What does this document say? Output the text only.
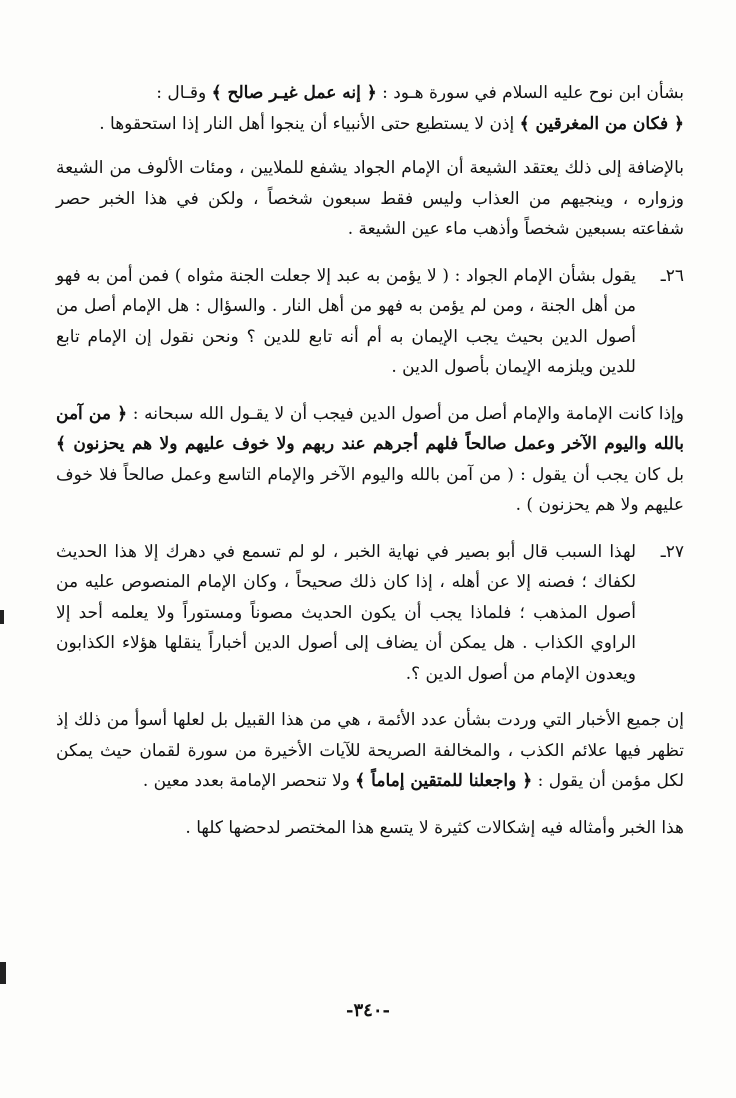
بشأن ابن نوح عليه السلام في سورة هـود : ﴿ إنه عمل غيـر صالح ﴾ وقـال :
﴿ فكان من المغرقين ﴾ إذن لا يستطيع حتى الأنبياء أن ينجوا أهل النار إذا استحقوها .

بالإضافة إلى ذلك يعتقد الشيعة أن الإمام الجواد يشفع للملايين ، ومئات الألوف من الشيعة وزواره ، وينجيهم من العذاب وليس فقط سبعون شخصاً ، ولكن في هذا الخبر حصر شفاعته بسبعين شخصاً وأذهب ماء عين الشيعة .

٢٦ـ
يقول بشأن الإمام الجواد : ( لا يؤمن به عبد إلا جعلت الجنة مثواه ) فمن أمن به فهو من أهل الجنة ، ومن لم يؤمن به فهو من أهل النار . والسؤال : هل الإمام أصل من أصول الدين بحيث يجب الإيمان به أم أنه تابع للدين ؟ ونحن نقول إن الإمام تابع للدين ويلزمه الإيمان بأصول الدين .

وإذا كانت الإمامة والإمام أصل من أصول الدين فيجب أن لا يقـول الله سبحانه : ﴿ من آمن بالله واليوم الآخر وعمل صالحاً فلهم أجرهم عند ربهم ولا خوف عليهم ولا هم يحزنون ﴾ بل كان يجب أن يقول : ( من آمن بالله واليوم الآخر والإمام التاسع وعمل صالحاً فلا خوف عليهم ولا هم يحزنون ) .

٢٧ـ
لهذا السبب قال أبو بصير في نهاية الخبر ، لو لم تسمع في دهرك إلا هذا الحديث لكفاك ؛ فصنه إلا عن أهله ، إذا كان ذلك صحيحاً ، وكان الإمام المنصوص عليه من أصول المذهب ؛ فلماذا يجب أن يكون الحديث مصوناً ومستوراً ولا يعلمه أحد إلا الراوي الكذاب . هل يمكن أن يضاف إلى أصول الدين أخباراً ينقلها هؤلاء الكذابون ويعدون الإمام من أصول الدين ؟.

إن جميع الأخبار التي وردت بشأن عدد الأئمة ، هي من هذا القبيل بل لعلها أسوأ من ذلك إذ تظهر فيها علائم الكذب ، والمخالفة الصريحة للآيات الأخيرة من سورة لقمان حيث يمكن لكل مؤمن أن يقول : ﴿ واجعلنا للمتقين إماماً ﴾ ولا تنحصر الإمامة بعدد معين .

هذا الخبر وأمثاله فيه إشكالات كثيرة لا يتسع هذا المختصر لدحضها كلها .

-٣٤٠-
